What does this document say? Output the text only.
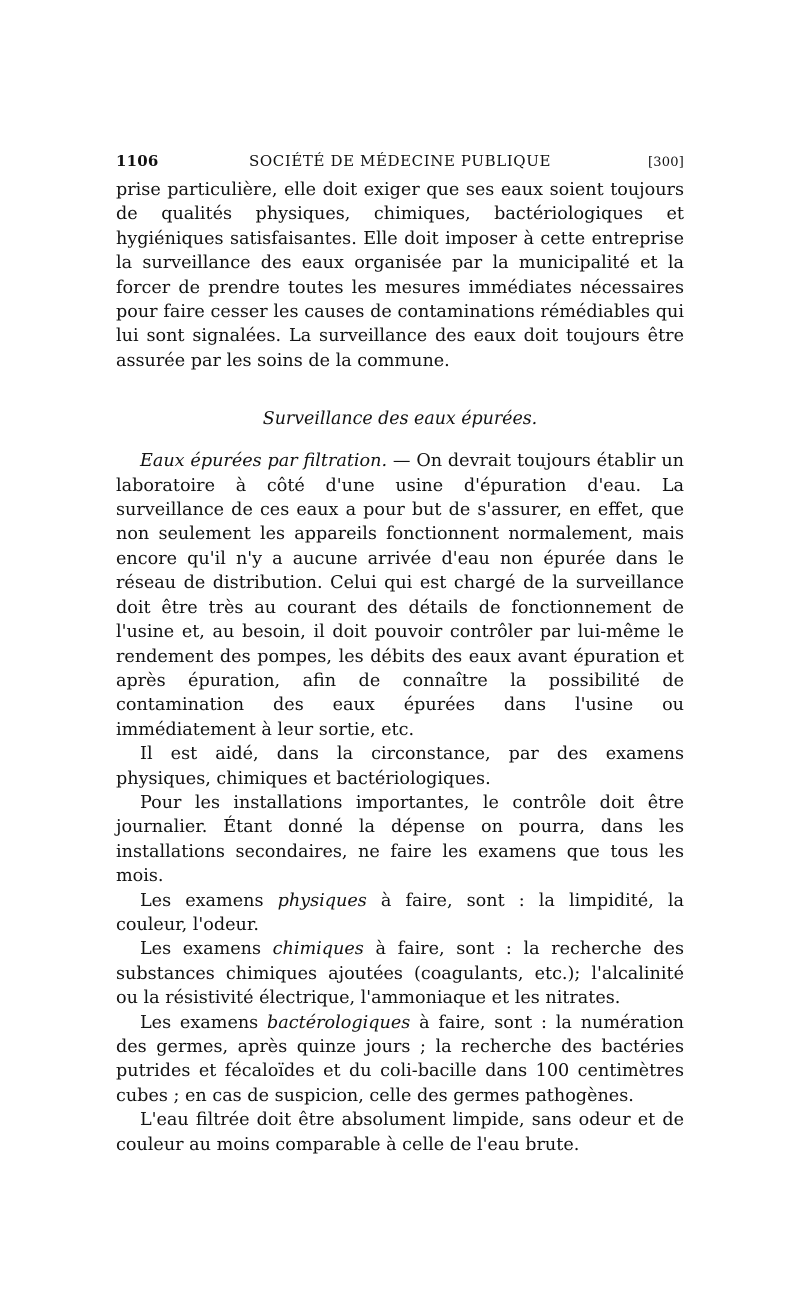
1106	SOCIÉTÉ DE MÉDECINE PUBLIQUE	[300]

prise particulière, elle doit exiger que ses eaux soient toujours de qualités physiques, chimiques, bactériologiques et hygiéniques satisfaisantes. Elle doit imposer à cette entreprise la surveillance des eaux organisée par la municipalité et la forcer de prendre toutes les mesures immédiates nécessaires pour faire cesser les causes de contaminations rémédiables qui lui sont signalées. La surveillance des eaux doit toujours être assurée par les soins de la commune.

Surveillance des eaux épurées.

Eaux épurées par filtration. — On devrait toujours établir un laboratoire à côté d'une usine d'épuration d'eau. La surveillance de ces eaux a pour but de s'assurer, en effet, que non seulement les appareils fonctionnent normalement, mais encore qu'il n'y a aucune arrivée d'eau non épurée dans le réseau de distribution. Celui qui est chargé de la surveillance doit être très au courant des détails de fonctionnement de l'usine et, au besoin, il doit pouvoir contrôler par lui-même le rendement des pompes, les débits des eaux avant épuration et après épuration, afin de connaître la possibilité de contamination des eaux épurées dans l'usine ou immédiatement à leur sortie, etc.

Il est aidé, dans la circonstance, par des examens physiques, chimiques et bactériologiques.

Pour les installations importantes, le contrôle doit être journalier. Étant donné la dépense on pourra, dans les installations secondaires, ne faire les examens que tous les mois.

Les examens physiques à faire, sont : la limpidité, la couleur, l'odeur.

Les examens chimiques à faire, sont : la recherche des substances chimiques ajoutées (coagulants, etc.); l'alcalinité ou la résistivité électrique, l'ammoniaque et les nitrates.

Les examens bactérologiques à faire, sont : la numération des germes, après quinze jours ; la recherche des bactéries putrides et fécaloïdes et du coli-bacille dans 100 centimètres cubes ; en cas de suspicion, celle des germes pathogènes.

L'eau filtrée doit être absolument limpide, sans odeur et de couleur au moins comparable à celle de l'eau brute.
